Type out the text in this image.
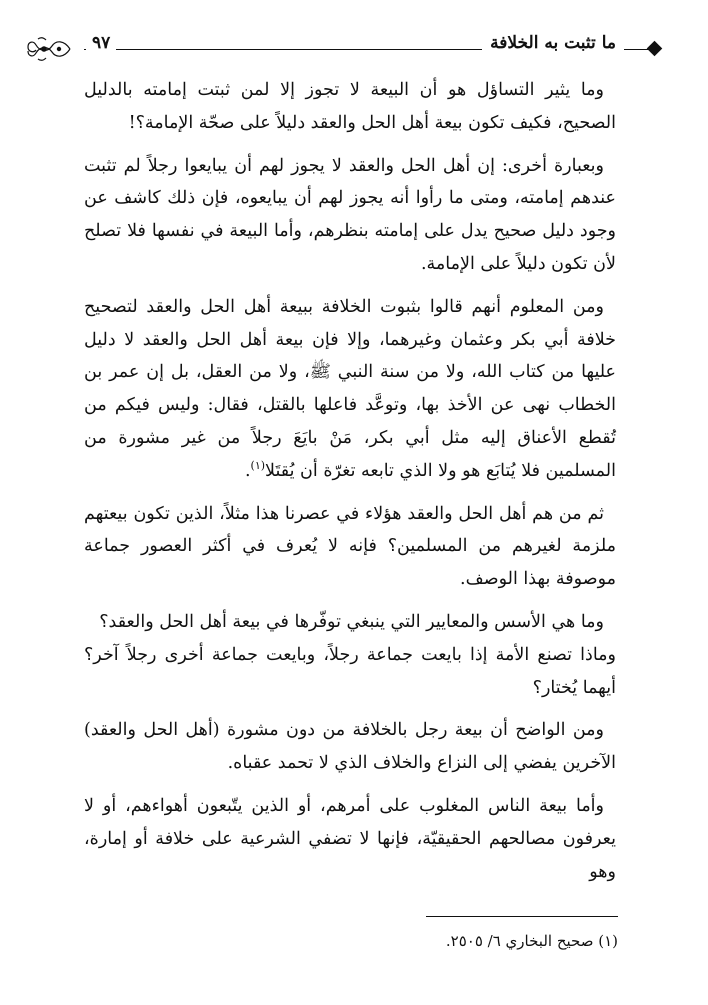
٩٧	ما تثبت به الخلافة

وما يثير التساؤل هو أن البيعة لا تجوز إلا لمن ثبتت إمامته بالدليل الصحيح، فكيف تكون بيعة أهل الحل والعقد دليلاً على صحّة الإمامة؟!

وبعبارة أخرى: إن أهل الحل والعقد لا يجوز لهم أن يبايعوا رجلاً لم تثبت عندهم إمامته، ومتى ما رأوا أنه يجوز لهم أن يبايعوه، فإن ذلك كاشف عن وجود دليل صحيح يدل على إمامته بنظرهم، وأما البيعة في نفسها فلا تصلح لأن تكون دليلاً على الإمامة.

ومن المعلوم أنهم قالوا بثبوت الخلافة ببيعة أهل الحل والعقد لتصحيح خلافة أبي بكر وعثمان وغيرهما، وإلا فإن بيعة أهل الحل والعقد لا دليل عليها من كتاب الله، ولا من سنة النبي ﷺ، ولا من العقل، بل إن عمر بن الخطاب نهى عن الأخذ بها، وتوعَّد فاعلها بالقتل، فقال: وليس فيكم من تُقطع الأعناق إليه مثل أبي بكر، مَنْ بايَعَ رجلاً من غير مشورة من المسلمين فلا يُتابَع هو ولا الذي تابعه تغرّة أن يُقتَلا$^{(١)}$.

ثم من هم أهل الحل والعقد هؤلاء في عصرنا هذا مثلاً، الذين تكون بيعتهم ملزمة لغيرهم من المسلمين؟ فإنه لا يُعرف في أكثر العصور جماعة موصوفة بهذا الوصف.

وما هي الأسس والمعايير التي ينبغي توفّرها في بيعة أهل الحل والعقد؟

وماذا تصنع الأمة إذا بايعت جماعة رجلاً، وبايعت جماعة أخرى رجلاً آخر؟ أيهما يُختار؟

ومن الواضح أن بيعة رجل بالخلافة من دون مشورة (أهل الحل والعقد) الآخرين يفضي إلى النزاع والخلاف الذي لا تحمد عقباه.

وأما بيعة الناس المغلوب على أمرهم، أو الذين يتّبعون أهواءهم، أو لا يعرفون مصالحهم الحقيقيّة، فإنها لا تضفي الشرعية على خلافة أو إمارة، وهو

(١) صحيح البخاري ٦/ ٢٥٠٥.
